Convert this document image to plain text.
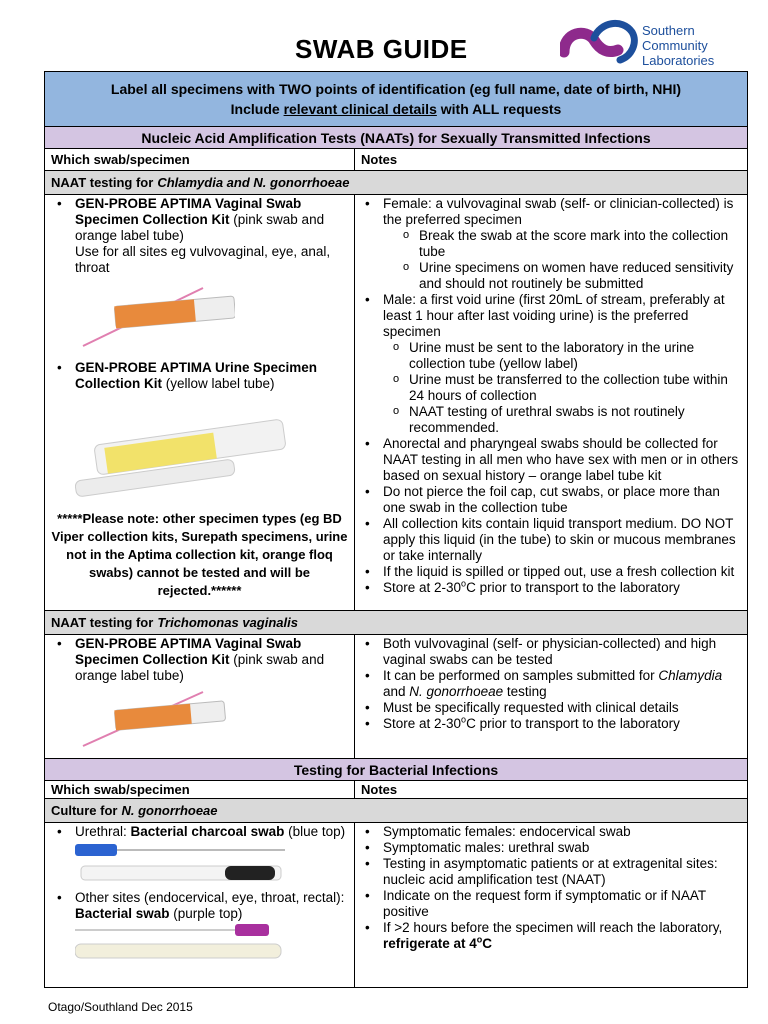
SWAB GUIDE
Southern
Community
Laboratories
Label all specimens with TWO points of identification (eg full name, date of birth, NHI)
Include relevant clinical details with ALL requests
Nucleic Acid Amplification Tests (NAATs) for Sexually Transmitted Infections
Which swab/specimen	Notes
NAAT testing for Chlamydia and N. gonorrhoeae
• GEN-PROBE APTIMA Vaginal Swab Specimen Collection Kit (pink swab and orange label tube)
Use for all sites eg vulvovaginal, eye, anal, throat
• GEN-PROBE APTIMA Urine Specimen Collection Kit (yellow label tube)
*****Please note: other specimen types (eg BD Viper collection kits, Surepath specimens, urine not in the Aptima collection kit, orange floq swabs) cannot be tested and will be rejected.******
• Female: a vulvovaginal swab (self- or clinician-collected) is the preferred specimen
o Break the swab at the score mark into the collection tube
o Urine specimens on women have reduced sensitivity and should not routinely be submitted
• Male: a first void urine (first 20mL of stream, preferably at least 1 hour after last voiding urine) is the preferred specimen
o Urine must be sent to the laboratory in the urine collection tube (yellow label)
o Urine must be transferred to the collection tube within 24 hours of collection
o NAAT testing of urethral swabs is not routinely recommended.
• Anorectal and pharyngeal swabs should be collected for NAAT testing in all men who have sex with men or in others based on sexual history – orange label tube kit
• Do not pierce the foil cap, cut swabs, or place more than one swab in the collection tube
• All collection kits contain liquid transport medium. DO NOT apply this liquid (in the tube) to skin or mucous membranes or take internally
• If the liquid is spilled or tipped out, use a fresh collection kit
• Store at 2-30$^o$C prior to transport to the laboratory
NAAT testing for Trichomonas vaginalis
• GEN-PROBE APTIMA Vaginal Swab Specimen Collection Kit (pink swab and orange label tube)
• Both vulvovaginal (self- or physician-collected) and high vaginal swabs can be tested
• It can be performed on samples submitted for Chlamydia and N. gonorrhoeae testing
• Must be specifically requested with clinical details
• Store at 2-30$^o$C prior to transport to the laboratory
Testing for Bacterial Infections
Which swab/specimen	Notes
Culture for N. gonorrhoeae
• Urethral: Bacterial charcoal swab (blue top)
• Other sites (endocervical, eye, throat, rectal): Bacterial swab (purple top)
• Symptomatic females: endocervical swab
• Symptomatic males: urethral swab
• Testing in asymptomatic patients or at extragenital sites: nucleic acid amplification test (NAAT)
• Indicate on the request form if symptomatic or if NAAT positive
• If >2 hours before the specimen will reach the laboratory, refrigerate at 4$^o$C
Otago/Southland Dec 2015
